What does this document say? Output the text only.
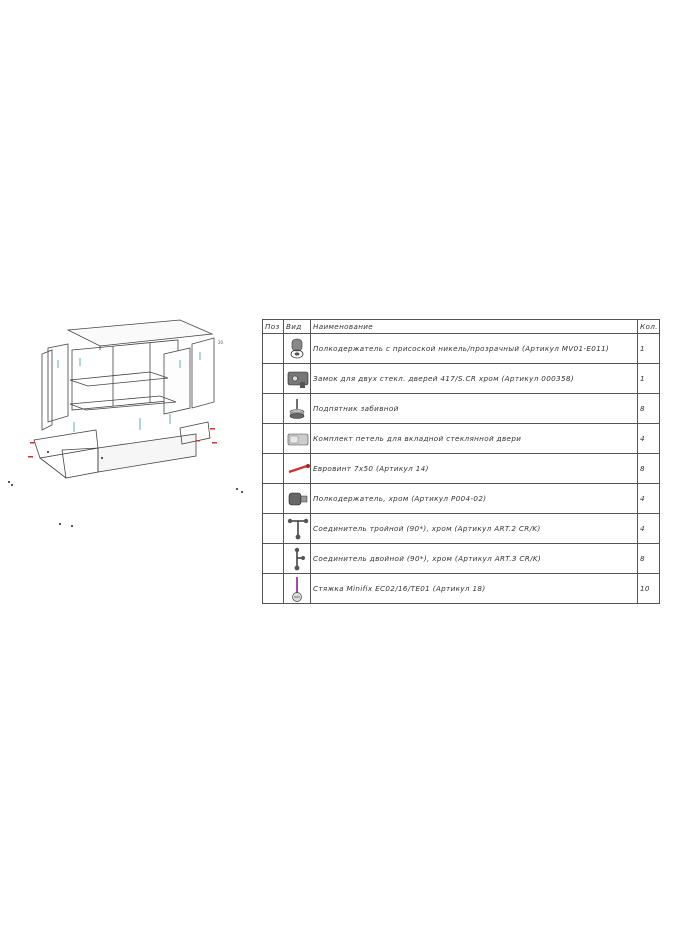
20
Поз	Вид	Наименование	Кол.

	Полкодержатель с присоской никель/прозрачный (Артикул MV01-E011)	1

	Замок для двух стекл. дверей 417/S.CR хром (Артикул 000358)	1

	Подпятник забивной	8

	Комплект петель для вкладной стеклянной двери	4

	Евровинт 7х50 (Артикул 14)	8

	Полкодержатель, хром (Артикул P004-02)	4

	Соединитель тройной (90*), хром (Артикул ART.2 CR/K)	4

	Соединитель двойной (90*), хром (Артикул ART.3 CR/K)	8

	Стяжка Minifix EC02/16/TE01 (Артикул 18)	10
